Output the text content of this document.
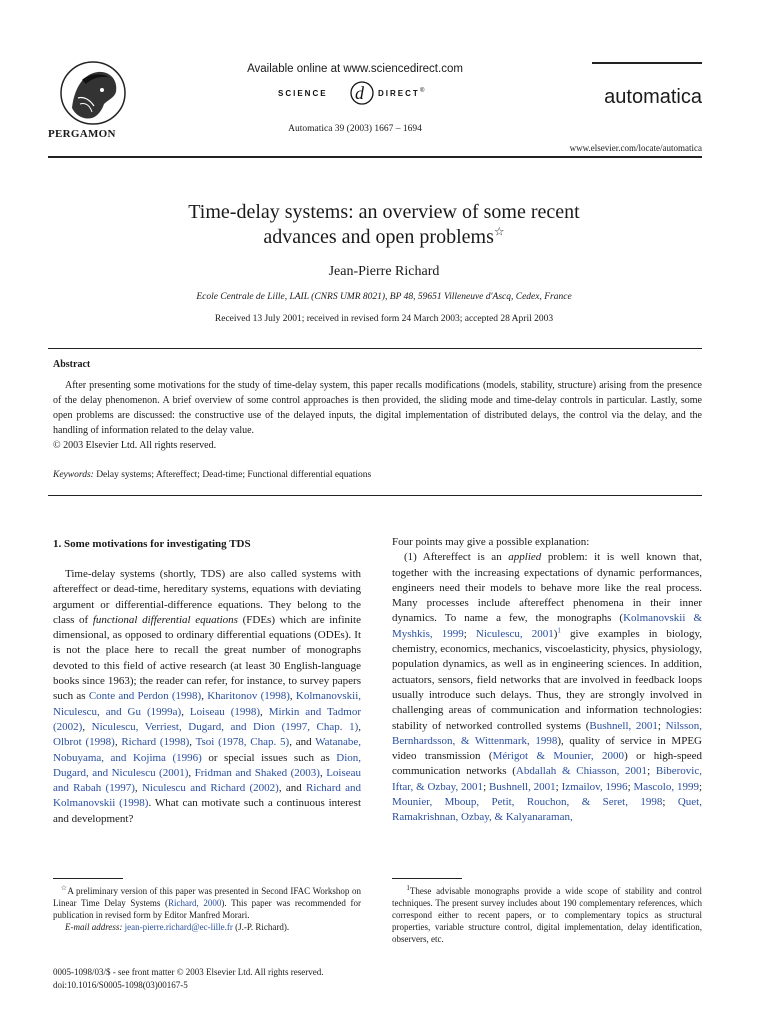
PERGAMON
Available online at www.sciencedirect.com
SCIENCE d DIRECT ®
Automatica 39 (2003) 1667 – 1694
automatica
www.elsevier.com/locate/automatica
Time-delay systems: an overview of some recent
advances and open problems☆
Jean-Pierre Richard
Ecole Centrale de Lille, LAIL (CNRS UMR 8021), BP 48, 59651 Villeneuve d'Ascq, Cedex, France
Received 13 July 2001; received in revised form 24 March 2003; accepted 28 April 2003
Abstract
After presenting some motivations for the study of time-delay system, this paper recalls modifications (models, stability, structure) arising from the presence of the delay phenomenon. A brief overview of some control approaches is then provided, the sliding mode and time-delay controls in particular. Lastly, some open problems are discussed: the constructive use of the delayed inputs, the digital implementation of distributed delays, the control via the delay, and the handling of information related to the delay value.
© 2003 Elsevier Ltd. All rights reserved.
Keywords: Delay systems; Aftereffect; Dead-time; Functional differential equations
1. Some motivations for investigating TDS
Time-delay systems (shortly, TDS) are also called systems with aftereffect or dead-time, hereditary systems, equations with deviating argument or differential-difference equations. They belong to the class of functional differential equations (FDEs) which are infinite dimensional, as opposed to ordinary differential equations (ODEs). It is not the place here to recall the great number of monographs devoted to this field of active research (at least 30 English-language books since 1963); the reader can refer, for instance, to survey papers such as Conte and Perdon (1998), Kharitonov (1998), Kolmanovskii, Niculescu, and Gu (1999a), Loiseau (1998), Mirkin and Tadmor (2002), Niculescu, Verriest, Dugard, and Dion (1997, Chap. 1), Olbrot (1998), Richard (1998), Tsoi (1978, Chap. 5), and Watanabe, Nobuyama, and Kojima (1996) or special issues such as Dion, Dugard, and Niculescu (2001), Fridman and Shaked (2003), Loiseau and Rabah (1997), Niculescu and Richard (2002), and Richard and Kolmanovskii (1998). What can motivate such a continuous interest and development?

Four points may give a possible explanation:

(1) Aftereffect is an applied problem: it is well known that, together with the increasing expectations of dynamic performances, engineers need their models to behave more like the real process. Many processes include aftereffect phenomena in their inner dynamics. To name a few, the monographs (Kolmanovskii & Myshkis, 1999; Niculescu, 2001)$^1$ give examples in biology, chemistry, economics, mechanics, viscoelasticity, physics, physiology, population dynamics, as well as in engineering sciences. In addition, actuators, sensors, field networks that are involved in feedback loops usually introduce such delays. Thus, they are strongly involved in challenging areas of communication and information technologies: stability of networked controlled systems (Bushnell, 2001; Nilsson, Bernhardsson, & Wittenmark, 1998), quality of service in MPEG video transmission (Mérigot & Mounier, 2000) or high-speed communication networks (Abdallah & Chiasson, 2001; Biberovic, Iftar, & Ozbay, 2001; Bushnell, 2001; Izmailov, 1996; Mascolo, 1999; Mounier, Mboup, Petit, Rouchon, & Seret, 1998; Quet, Ramakrishnan, Ozbay, & Kalyanaraman,

☆A preliminary version of this paper was presented in Second IFAC Workshop on Linear Time Delay Systems (Richard, 2000). This paper was recommended for publication in revised form by Editor Manfred Morari.
E-mail address: jean-pierre.richard@ec-lille.fr (J.-P. Richard).
$^1$These advisable monographs provide a wide scope of stability and control techniques. The present survey includes about 190 complementary references, which correspond either to recent papers, or to complementary topics as structural properties, variable structure control, digital implementation, delay identification, observers, etc.
0005-1098/03/$ - see front matter © 2003 Elsevier Ltd. All rights reserved.
doi:10.1016/S0005-1098(03)00167-5
